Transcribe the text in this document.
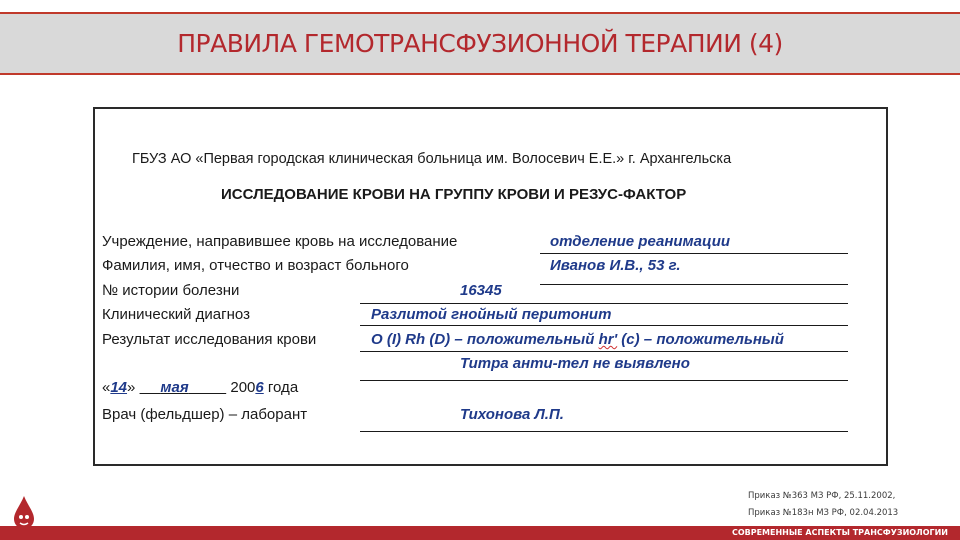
ПРАВИЛА ГЕМОТРАНСФУЗИОННОЙ ТЕРАПИИ (4)
ГБУЗ АО «Первая городская клиническая больница им. Волосевич Е.Е.» г. Архангельска
ИССЛЕДОВАНИЕ КРОВИ НА ГРУППУ КРОВИ И РЕЗУС-ФАКТОР
Учреждение, направившее кровь на исследование	отделение реанимации
Фамилия, имя, отчество и возраст больного	Иванов И.В., 53 г.
№ истории болезни	16345
Клинический диагноз	Разлитой гнойный перитонит
Результат исследования крови	O (I) Rh (D) – положительный hr' (c) – положительный
Титра анти-тел не выявлено
«14» мая	2006 года
Врач (фельдшер) – лаборант	Тихонова Л.П.
Приказ №363 МЗ РФ, 25.11.2002,
Приказ №183н МЗ РФ, 02.04.2013
СОВРЕМЕННЫЕ АСПЕКТЫ ТРАНСФУЗИОЛОГИИ
